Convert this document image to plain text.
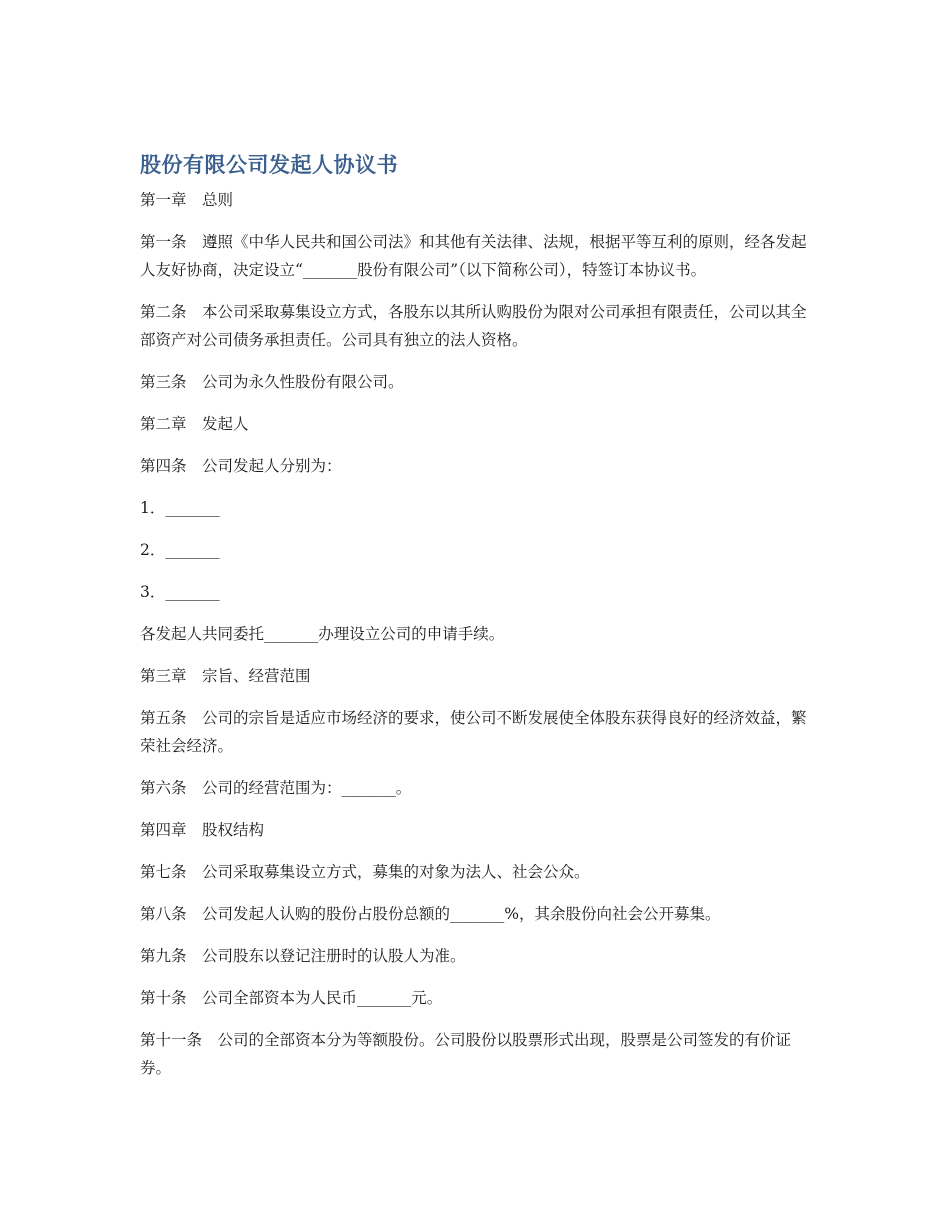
股份有限公司发起人协议书

第一章　总则

第一条　遵照《中华人民共和国公司法》和其他有关法律、法规，根据平等互利的原则，经各发起人友好协商，决定设立“_______股份有限公司”（以下简称公司），特签订本协议书。

第二条　本公司采取募集设立方式，各股东以其所认购股份为限对公司承担有限责任，公司以其全部资产对公司债务承担责任。公司具有独立的法人资格。

第三条　公司为永久性股份有限公司。

第二章　发起人

第四条　公司发起人分别为：

1．_______

2．_______

3．_______

各发起人共同委托_______办理设立公司的申请手续。

第三章　宗旨、经营范围

第五条　公司的宗旨是适应市场经济的要求，使公司不断发展使全体股东获得良好的经济效益，繁荣社会经济。

第六条　公司的经营范围为：_______。

第四章　股权结构

第七条　公司采取募集设立方式，募集的对象为法人、社会公众。

第八条　公司发起人认购的股份占股份总额的_______%，其余股份向社会公开募集。

第九条　公司股东以登记注册时的认股人为准。

第十条　公司全部资本为人民币_______元。

第十一条　公司的全部资本分为等额股份。公司股份以股票形式出现，股票是公司签发的有价证券。
